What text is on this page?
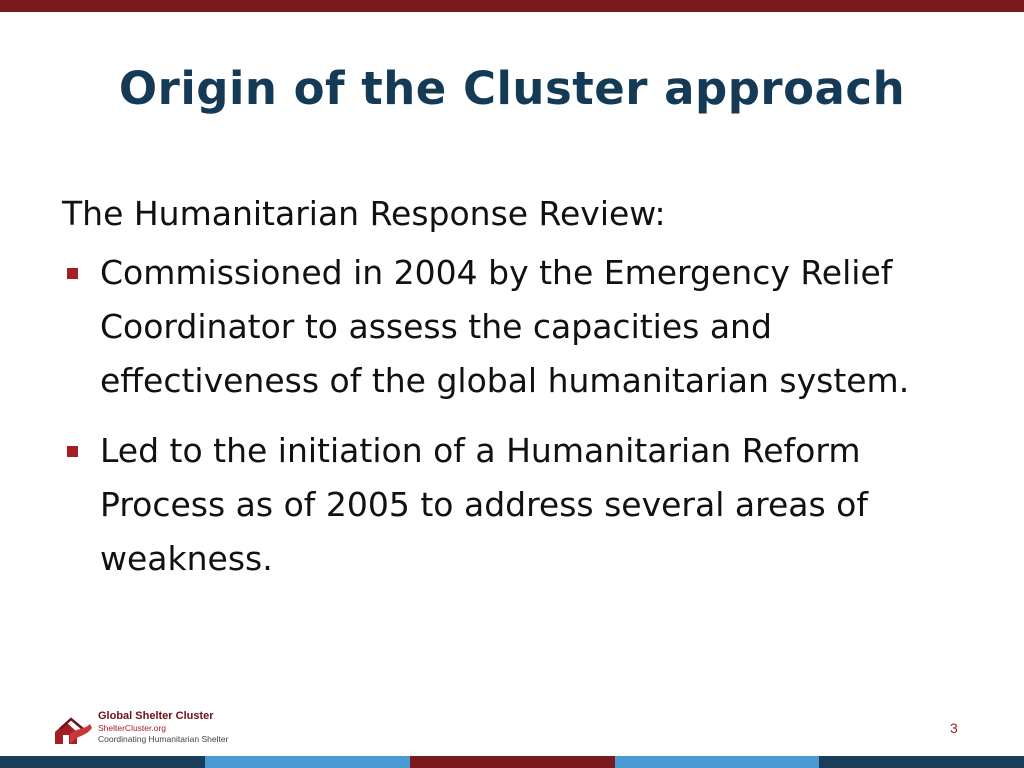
Origin of the Cluster approach

The Humanitarian Response Review:

Commissioned in 2004 by the Emergency Relief Coordinator to assess the capacities and effectiveness of the global humanitarian system.
Led to the initiation of a Humanitarian Reform Process as of 2005 to address several areas of weakness.
Global Shelter Cluster
ShelterCluster.org
Coordinating Humanitarian Shelter
3
